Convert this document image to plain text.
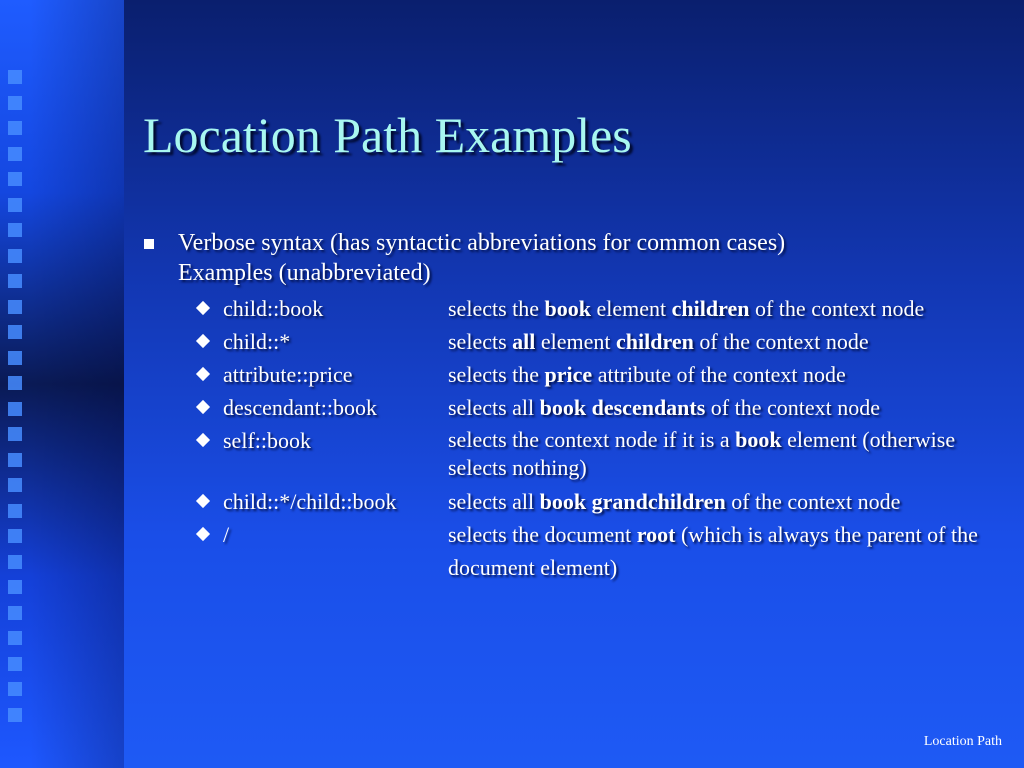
Location Path Examples
Verbose syntax (has syntactic abbreviations for common cases)
Examples (unabbreviated)
child::book	selects the book element children of the context node
child::*	selects all element children of the context node
attribute::price	selects the price attribute of the context node
descendant::book	selects all book descendants of the context node
self::book	selects the context node if it is a book element (otherwise selects nothing)
child::*/child::book	selects all book grandchildren of the context node
/	selects the document root (which is always the parent of the document element)
Location Path
